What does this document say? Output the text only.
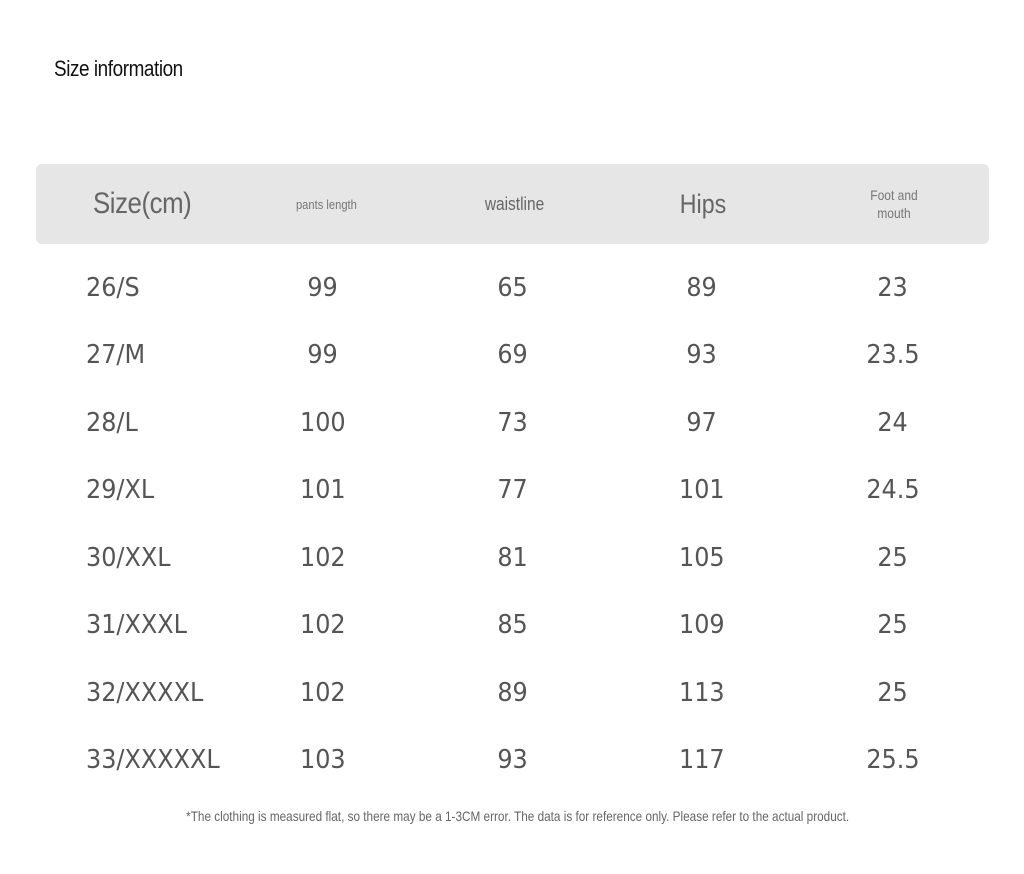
Size information
Size(cm)	pants length	waistline	Hips	Foot and mouth
26/S	99	65	89	23
27/M	99	69	93	23.5
28/L	100	73	97	24
29/XL	101	77	101	24.5
30/XXL	102	81	105	25
31/XXXL	102	85	109	25
32/XXXXL	102	89	113	25
33/XXXXXL	103	93	117	25.5
*The clothing is measured flat, so there may be a 1-3CM error. The data is for reference only. Please refer to the actual product.
